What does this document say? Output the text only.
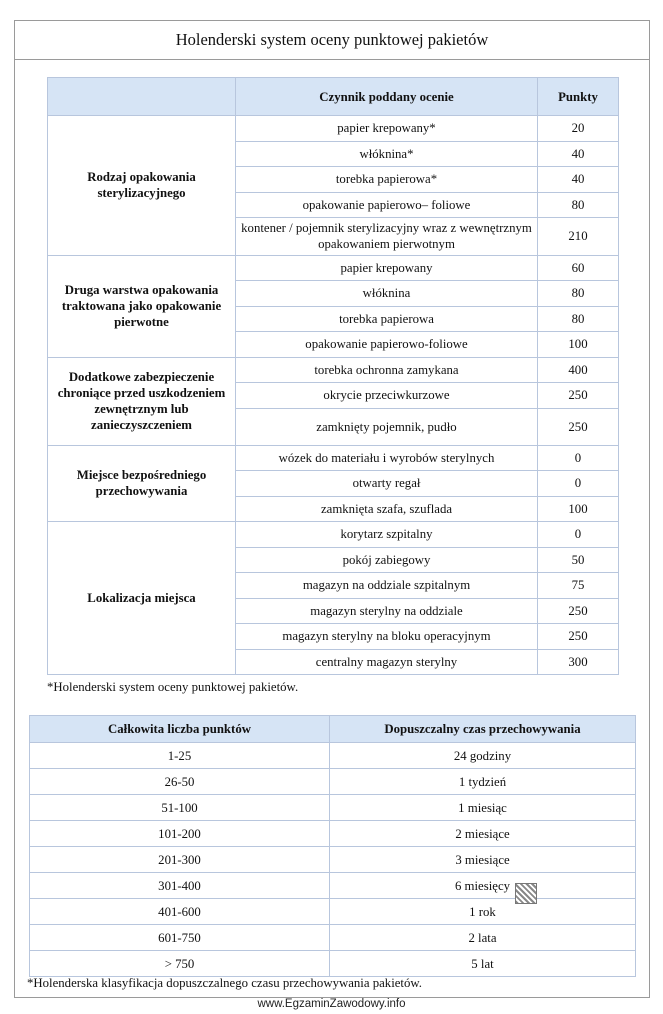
Holenderski system oceny punktowej pakietów
	Czynnik poddany ocenie	Punkty
Rodzaj opakowania sterylizacyjnego	papier krepowany*	20
	włóknina*	40
	torebka papierowa*	40
	opakowanie papierowo– foliowe	80
	kontener / pojemnik sterylizacyjny wraz z wewnętrznym opakowaniem pierwotnym	210
Druga warstwa opakowania traktowana jako opakowanie pierwotne	papier krepowany	60
	włóknina	80
	torebka papierowa	80
	opakowanie papierowo-foliowe	100
Dodatkowe zabezpieczenie chroniące przed uszkodzeniem zewnętrznym lub zanieczyszczeniem	torebka ochronna zamykana	400
	okrycie przeciwkurzowe	250
	zamknięty pojemnik, pudło	250
Miejsce bezpośredniego przechowywania	wózek do materiału i wyrobów sterylnych	0
	otwarty regał	0
	zamknięta szafa, szuflada	100
Lokalizacja miejsca	korytarz szpitalny	0
	pokój zabiegowy	50
	magazyn na oddziale szpitalnym	75
	magazyn sterylny na oddziale	250
	magazyn sterylny na bloku operacyjnym	250
	centralny magazyn sterylny	300
*Holenderski system oceny punktowej pakietów.
Całkowita liczba punktów	Dopuszczalny czas przechowywania
1-25	24 godziny
26-50	1 tydzień
51-100	1 miesiąc
101-200	2 miesiące
201-300	3 miesiące
301-400	6 miesięcy
401-600	1 rok
601-750	2 lata
> 750	5 lat
*Holenderska klasyfikacja dopuszczalnego czasu przechowywania pakietów.
www.EgzaminZawodowy.info
